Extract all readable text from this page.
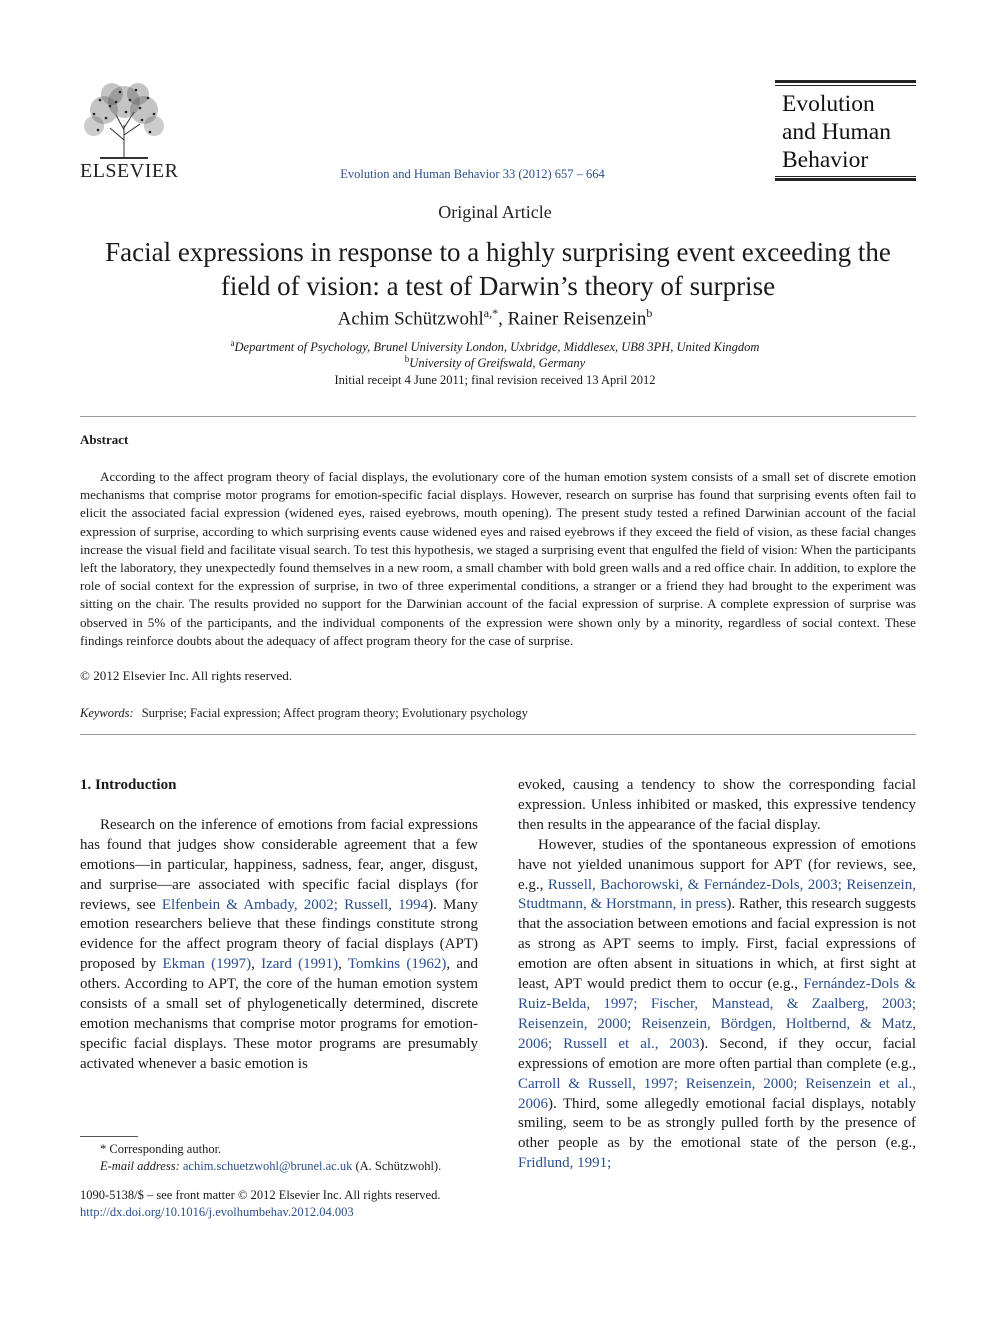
ELSEVIER	Evolution and Human Behavior 33 (2012) 657 – 664
Evolution
and Human
Behavior
Original Article
Facial expressions in response to a highly surprising event exceeding the field of vision: a test of Darwin’s theory of surprise
Achim Schützwohl$^{a,*}$, Rainer Reisenzein$^b$
$^a$Department of Psychology, Brunel University London, Uxbridge, Middlesex, UB8 3PH, United Kingdom
$^b$University of Greifswald, Germany
Initial receipt 4 June 2011; final revision received 13 April 2012
Abstract

According to the affect program theory of facial displays, the evolutionary core of the human emotion system consists of a small set of discrete emotion mechanisms that comprise motor programs for emotion-specific facial displays. However, research on surprise has found that surprising events often fail to elicit the associated facial expression (widened eyes, raised eyebrows, mouth opening). The present study tested a refined Darwinian account of the facial expression of surprise, according to which surprising events cause widened eyes and raised eyebrows if they exceed the field of vision, as these facial changes increase the visual field and facilitate visual search. To test this hypothesis, we staged a surprising event that engulfed the field of vision: When the participants left the laboratory, they unexpectedly found themselves in a new room, a small chamber with bold green walls and a red office chair. In addition, to explore the role of social context for the expression of surprise, in two of three experimental conditions, a stranger or a friend they had brought to the experiment was sitting on the chair. The results provided no support for the Darwinian account of the facial expression of surprise. A complete expression of surprise was observed in 5% of the participants, and the individual components of the expression were shown only by a minority, regardless of social context. These findings reinforce doubts about the adequacy of affect program theory for the case of surprise.

© 2012 Elsevier Inc. All rights reserved.
Keywords: Surprise; Facial expression; Affect program theory; Evolutionary psychology
1. Introduction

Research on the inference of emotions from facial expressions has found that judges show considerable agreement that a few emotions—in particular, happiness, sadness, fear, anger, disgust, and surprise—are associated with specific facial displays (for reviews, see Elfenbein & Ambady, 2002; Russell, 1994). Many emotion researchers believe that these findings constitute strong evidence for the affect program theory of facial displays (APT) proposed by Ekman (1997), Izard (1991), Tomkins (1962), and others. According to APT, the core of the human emotion system consists of a small set of phylogenetically determined, discrete emotion mechanisms that comprise motor programs for emotion-specific facial displays. These motor programs are presumably activated whenever a basic emotion is

evoked, causing a tendency to show the corresponding facial expression. Unless inhibited or masked, this expressive tendency then results in the appearance of the facial display.

However, studies of the spontaneous expression of emotions have not yielded unanimous support for APT (for reviews, see, e.g., Russell, Bachorowski, & Fernández-Dols, 2003; Reisenzein, Studtmann, & Horstmann, in press). Rather, this research suggests that the association between emotions and facial expression is not as strong as APT seems to imply. First, facial expressions of emotion are often absent in situations in which, at first sight at least, APT would predict them to occur (e.g., Fernández-Dols & Ruiz-Belda, 1997; Fischer, Manstead, & Zaalberg, 2003; Reisenzein, 2000; Reisenzein, Bördgen, Holtbernd, & Matz, 2006; Russell et al., 2003). Second, if they occur, facial expressions of emotion are more often partial than complete (e.g., Carroll & Russell, 1997; Reisenzein, 2000; Reisenzein et al., 2006). Third, some allegedly emotional facial displays, notably smiling, seem to be as strongly pulled forth by the presence of other people as by the emotional state of the person (e.g., Fridlund, 1991;

* Corresponding author.
E-mail address: achim.schuetzwohl@brunel.ac.uk (A. Schützwohl).
1090-5138/$ – see front matter © 2012 Elsevier Inc. All rights reserved.
http://dx.doi.org/10.1016/j.evolhumbehav.2012.04.003
